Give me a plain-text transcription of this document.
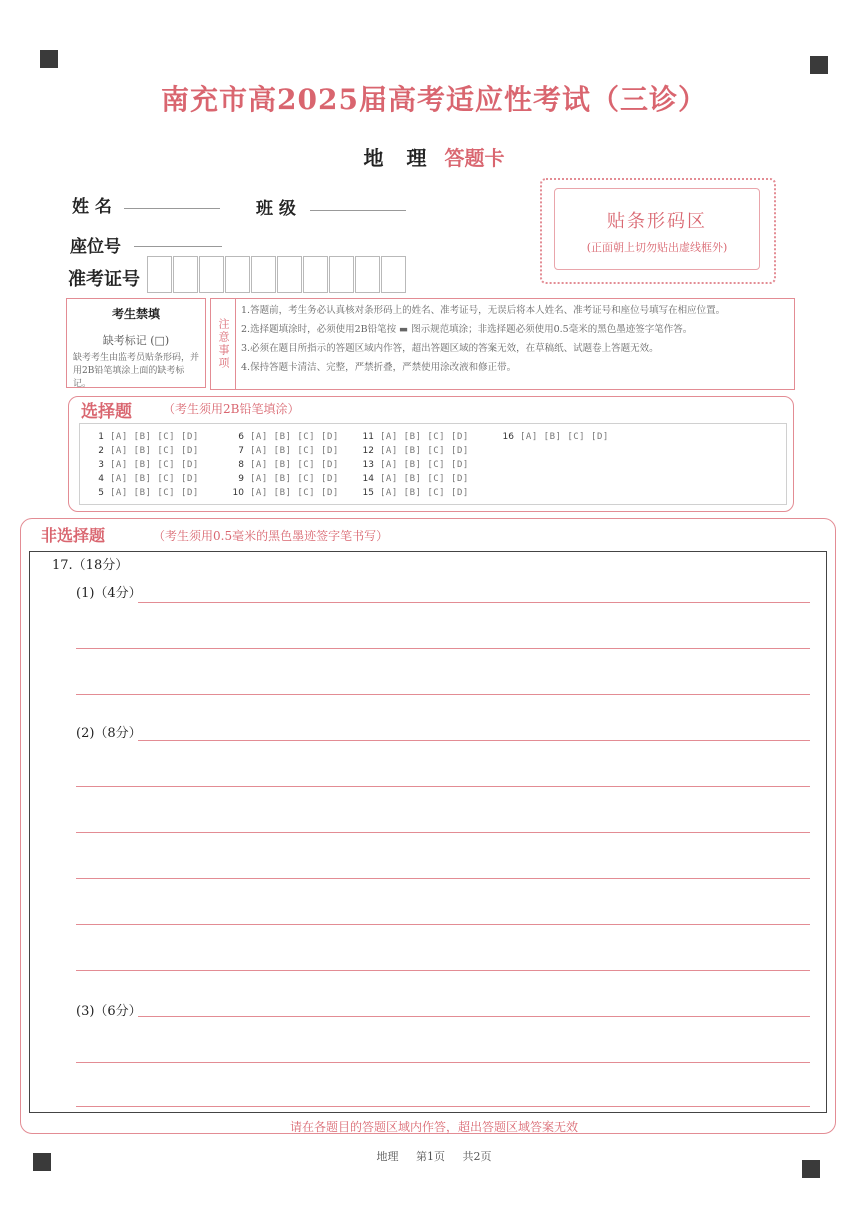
南充市高2025届高考适应性考试（三诊）
地 理 答题卡
姓 名	班 级
座位号
准考证号
贴条形码区
(正面朝上切勿贴出虚线框外)
考生禁填
缺考标记 (□)
缺考考生由监考员贴条形码，并用2B铅笔填涂上面的缺考标记。
注意事项
1.答题前，考生务必认真核对条形码上的姓名、准考证号，无误后将本人姓名、准考证号和座位号填写在相应位置。
2.选择题填涂时，必须使用2B铅笔按 ▬ 图示规范填涂；非选择题必须使用0.5毫米的黑色墨迹签字笔作答。
3.必须在题目所指示的答题区域内作答，超出答题区域的答案无效，在草稿纸、试题卷上答题无效。
4.保持答题卡清洁、完整，严禁折叠，严禁使用涂改液和修正带。
选择题	（考生须用2B铅笔填涂）
1 [A] [B] [C] [D]
2 [A] [B] [C] [D]
3 [A] [B] [C] [D]
4 [A] [B] [C] [D]
5 [A] [B] [C] [D]
6 [A] [B] [C] [D]
7 [A] [B] [C] [D]
8 [A] [B] [C] [D]
9 [A] [B] [C] [D]
10 [A] [B] [C] [D]
11 [A] [B] [C] [D]
12 [A] [B] [C] [D]
13 [A] [B] [C] [D]
14 [A] [B] [C] [D]
15 [A] [B] [C] [D]
16 [A] [B] [C] [D]
非选择题	（考生须用0.5毫米的黑色墨迹签字笔书写）
17.（18分）
(1)（4分）
(2)（8分）
(3)（6分）
请在各题目的答题区域内作答，超出答题区域答案无效
地理 第1页 共2页
